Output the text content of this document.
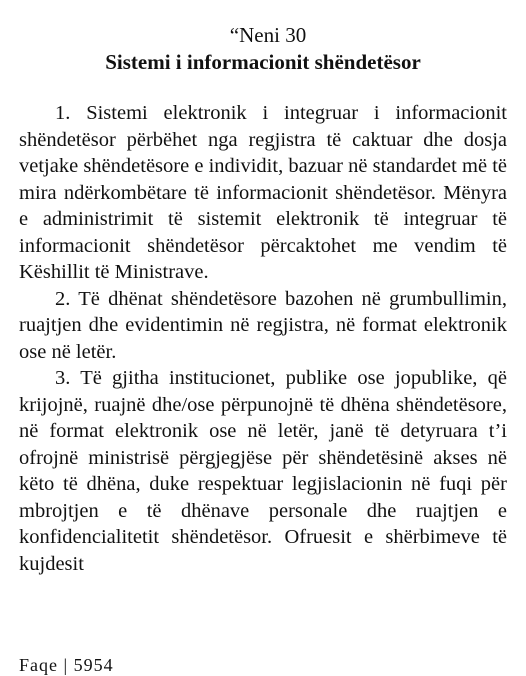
“Neni 30

Sistemi i informacionit shëndetësor

1. Sistemi elektronik i integruar i informacionit shëndetësor përbëhet nga regjistra të caktuar dhe dosja vetjake shëndetësore e individit, bazuar në standardet më të mira ndërkombëtare të informacionit shëndetësor. Mënyra e administrimit të sistemit elektronik të integruar të informacionit shëndetësor përcaktohet me vendim të Këshillit të Ministrave.

2. Të dhënat shëndetësore bazohen në grumbullimin, ruajtjen dhe evidentimin në regjistra, në format elektronik ose në letër.

3. Të gjitha institucionet, publike ose jopublike, që krijojnë, ruajnë dhe/ose përpunojnë të dhëna shëndetësore, në format elektronik ose në letër, janë të detyruara t’i ofrojnë ministrisë përgjegjëse për shëndetësinë akses në këto të dhëna, duke respektuar legjislacionin në fuqi për mbrojtjen e të dhënave personale dhe ruajtjen e konfidencialitetit shëndetësor. Ofruesit e shërbimeve të kujdesit

Faqe | 5954
